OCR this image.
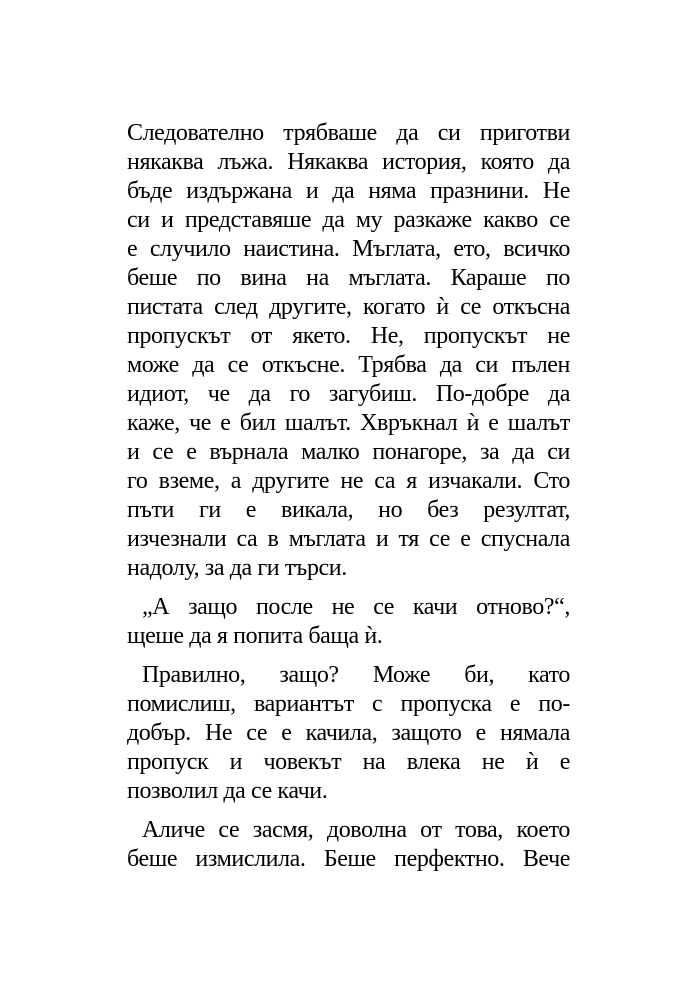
Следователно трябваше да си приготви
някаква лъжа. Някаква история, която да
бъде издържана и да няма празнини. Не
си и представяше да му разкаже какво се
е случило наистина. Мъглата, ето, всичко
беше по вина на мъглата. Караше по
пистата след другите, когато ѝ се откъсна
пропускът от якето. Не, пропускът не
може да се откъсне. Трябва да си пълен
идиот, че да го загубиш. По-добре да
каже, че е бил шалът. Хвръкнал ѝ е шалът
и се е върнала малко понагоре, за да си
го вземе, а другите не са я изчакали. Сто
пъти ги е викала, но без резултат,
изчезнали са в мъглата и тя се е спуснала
надолу, за да ги търси.

„А защо после не се качи отново?“,
щеше да я попита баща ѝ.

Правилно, защо? Може би, като
помислиш, вариантът с пропуска е по-
добър. Не се е качила, защото е нямала
пропуск и човекът на влека не ѝ е
позволил да се качи.

Аличе се засмя, доволна от това, което
беше измислила. Беше перфектно. Вече
